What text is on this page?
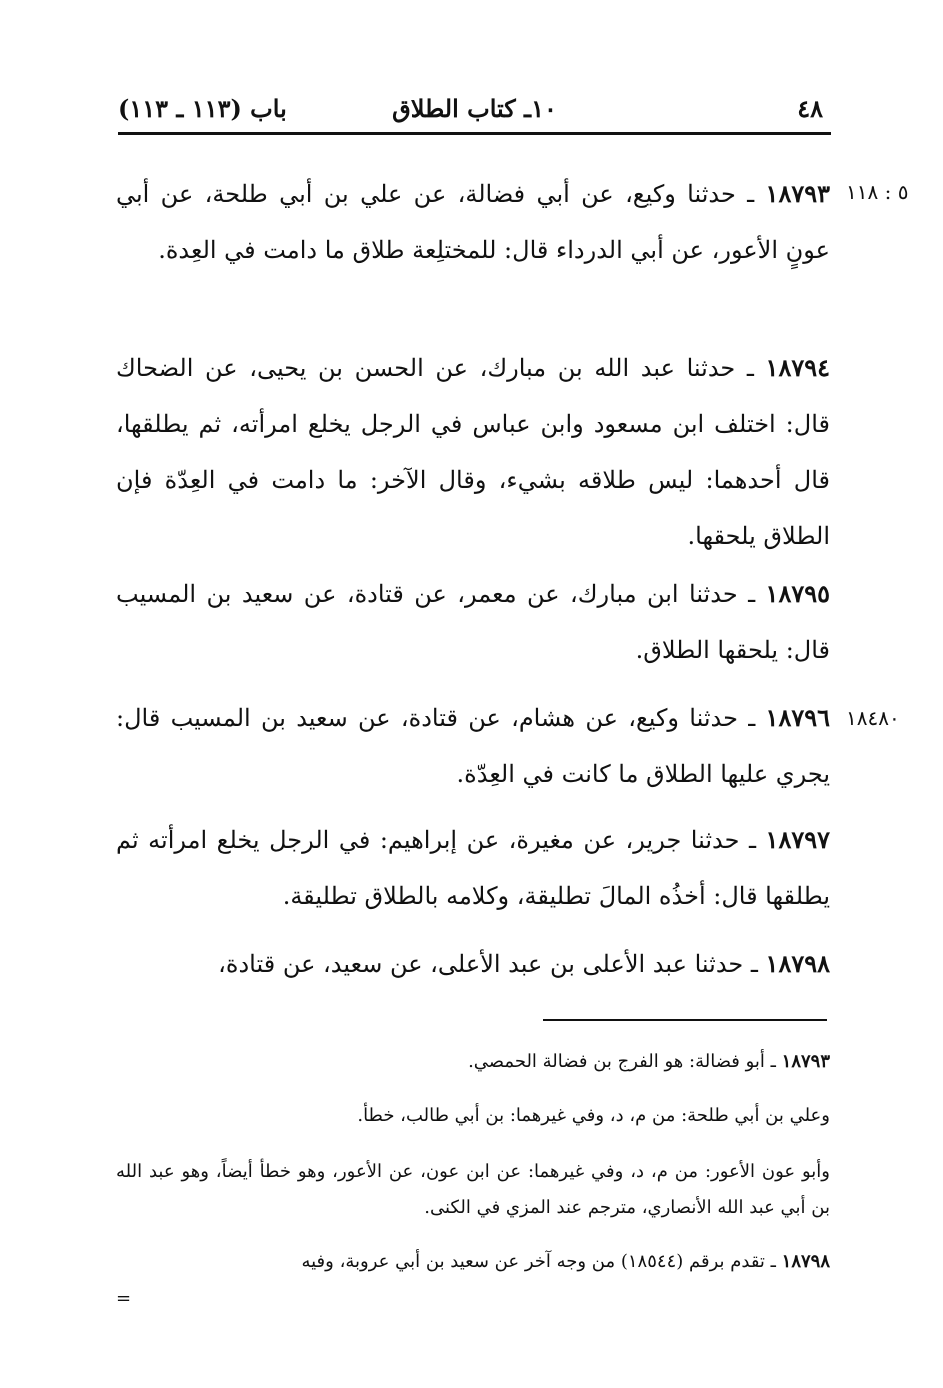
٤٨
١٠ـ كتاب الطلاق
باب (١١٣ ـ ١١٣)
٥ : ١١٨
١٨٤٨٠

١٨٧٩٣ ـ حدثنا وكيع، عن أبي فضالة، عن علي بن أبي طلحة، عن أبي عونٍ الأعور، عن أبي الدرداء قال: للمختلِعة طلاق ما دامت في العِدة.

١٨٧٩٤ ـ حدثنا عبد الله بن مبارك، عن الحسن بن يحيى، عن الضحاك قال: اختلف ابن مسعود وابن عباس في الرجل يخلع امرأته، ثم يطلقها، قال أحدهما: ليس طلاقه بشيء، وقال الآخر: ما دامت في العِدّة فإن الطلاق يلحقها.

١٨٧٩٥ ـ حدثنا ابن مبارك، عن معمر، عن قتادة، عن سعيد بن المسيب قال: يلحقها الطلاق.

١٨٧٩٦ ـ حدثنا وكيع، عن هشام، عن قتادة، عن سعيد بن المسيب قال: يجري عليها الطلاق ما كانت في العِدّة.

١٨٧٩٧ ـ حدثنا جرير، عن مغيرة، عن إبراهيم: في الرجل يخلع امرأته ثم يطلقها قال: أخذُه المالَ تطليقة، وكلامه بالطلاق تطليقة.

١٨٧٩٨ ـ حدثنا عبد الأعلى بن عبد الأعلى، عن سعيد، عن قتادة،

١٨٧٩٣ ـ أبو فضالة: هو الفرج بن فضالة الحمصي.

وعلي بن أبي طلحة: من م، د، وفي غيرهما: بن أبي طالب، خطأ.

وأبو عون الأعور: من م، د، وفي غيرهما: عن ابن عون، عن الأعور، وهو خطأ أيضاً، وهو عبد الله بن أبي عبد الله الأنصاري، مترجم عند المزي في الكنى.

١٨٧٩٨ ـ تقدم برقم (١٨٥٤٤) من وجه آخر عن سعيد بن أبي عروبة، وفيه

=
